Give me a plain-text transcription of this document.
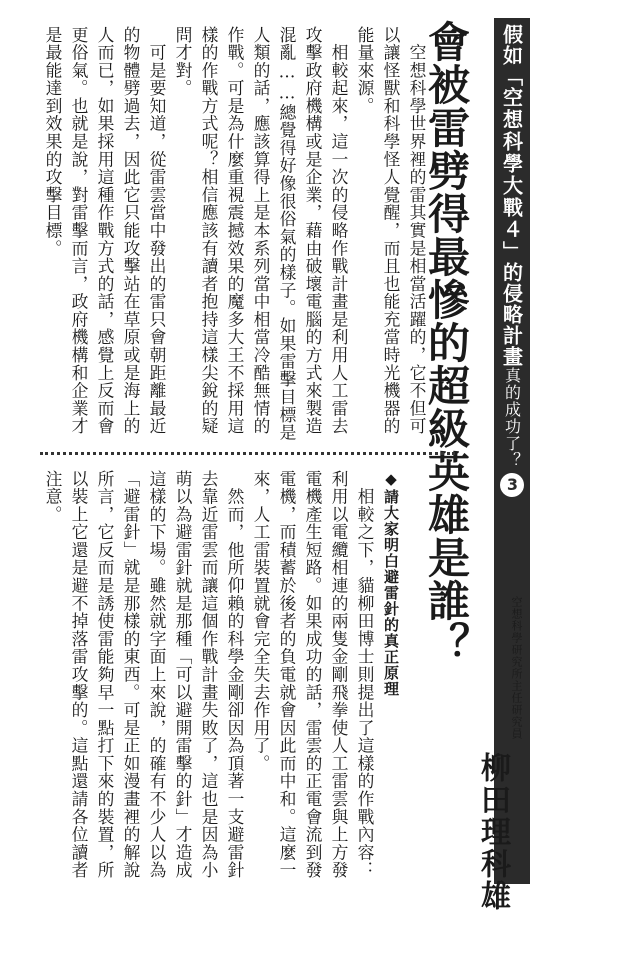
假如「
空想科學大戰４
」的
侵略計畫
真的成功了？
3
會被雷劈得最慘的超級英雄是誰？
空想科學研究所主任研究員
柳田理科雄

　空想科學世界裡的雷其實是相當活躍的，它不但可

以讓怪獸和科學怪人覺醒，而且也能充當時光機器的

能量來源。

　相較起來，這一次的侵略作戰計畫是利用人工雷去

攻擊政府機構或是企業，藉由破壞電腦的方式來製造

混亂……總覺得好像很俗氣的樣子。如果雷擊目標是

人類的話，應該算得上是本系列當中相當冷酷無情的

作戰。可是為什麼重視震撼效果的魔多大王不採用這

樣的作戰方式呢？相信應該有讀者抱持這樣尖銳的疑

問才對。

　可是要知道，從雷雲當中發出的雷只會朝距離最近

的物體劈過去，因此它只能攻擊站在草原或是海上的

人而已，如果採用這種作戰方式的話，感覺上反而會

更俗氣。也就是說，對雷擊而言，政府機構和企業才

是最能達到效果的攻擊目標。

◆請大家明白避雷針的真正原理

　相較之下，貓柳田博士則提出了這樣的作戰內容：

利用以電纜相連的兩隻金剛飛拳使人工雷雲與上方發

電機產生短路。如果成功的話，雷雲的正電會流到發

電機，而積蓄於後者的負電就會因此而中和。這麼一

來，人工雷裝置就會完全失去作用了。

　然而，他所仰賴的科學金剛卻因為頂著一支避雷針

去靠近雷雲而讓這個作戰計畫失敗了，這也是因為小

萌以為避雷針就是那種「可以避開雷擊的針」才造成

這樣的下場。雖然就字面上來說，的確有不少人以為

「避雷針」就是那樣的東西。可是正如漫畫裡的解說

所言，它反而是誘使雷能夠早一點打下來的裝置，所

以裝上它還是避不掉落雷攻擊的。這點還請各位讀者

注意。
